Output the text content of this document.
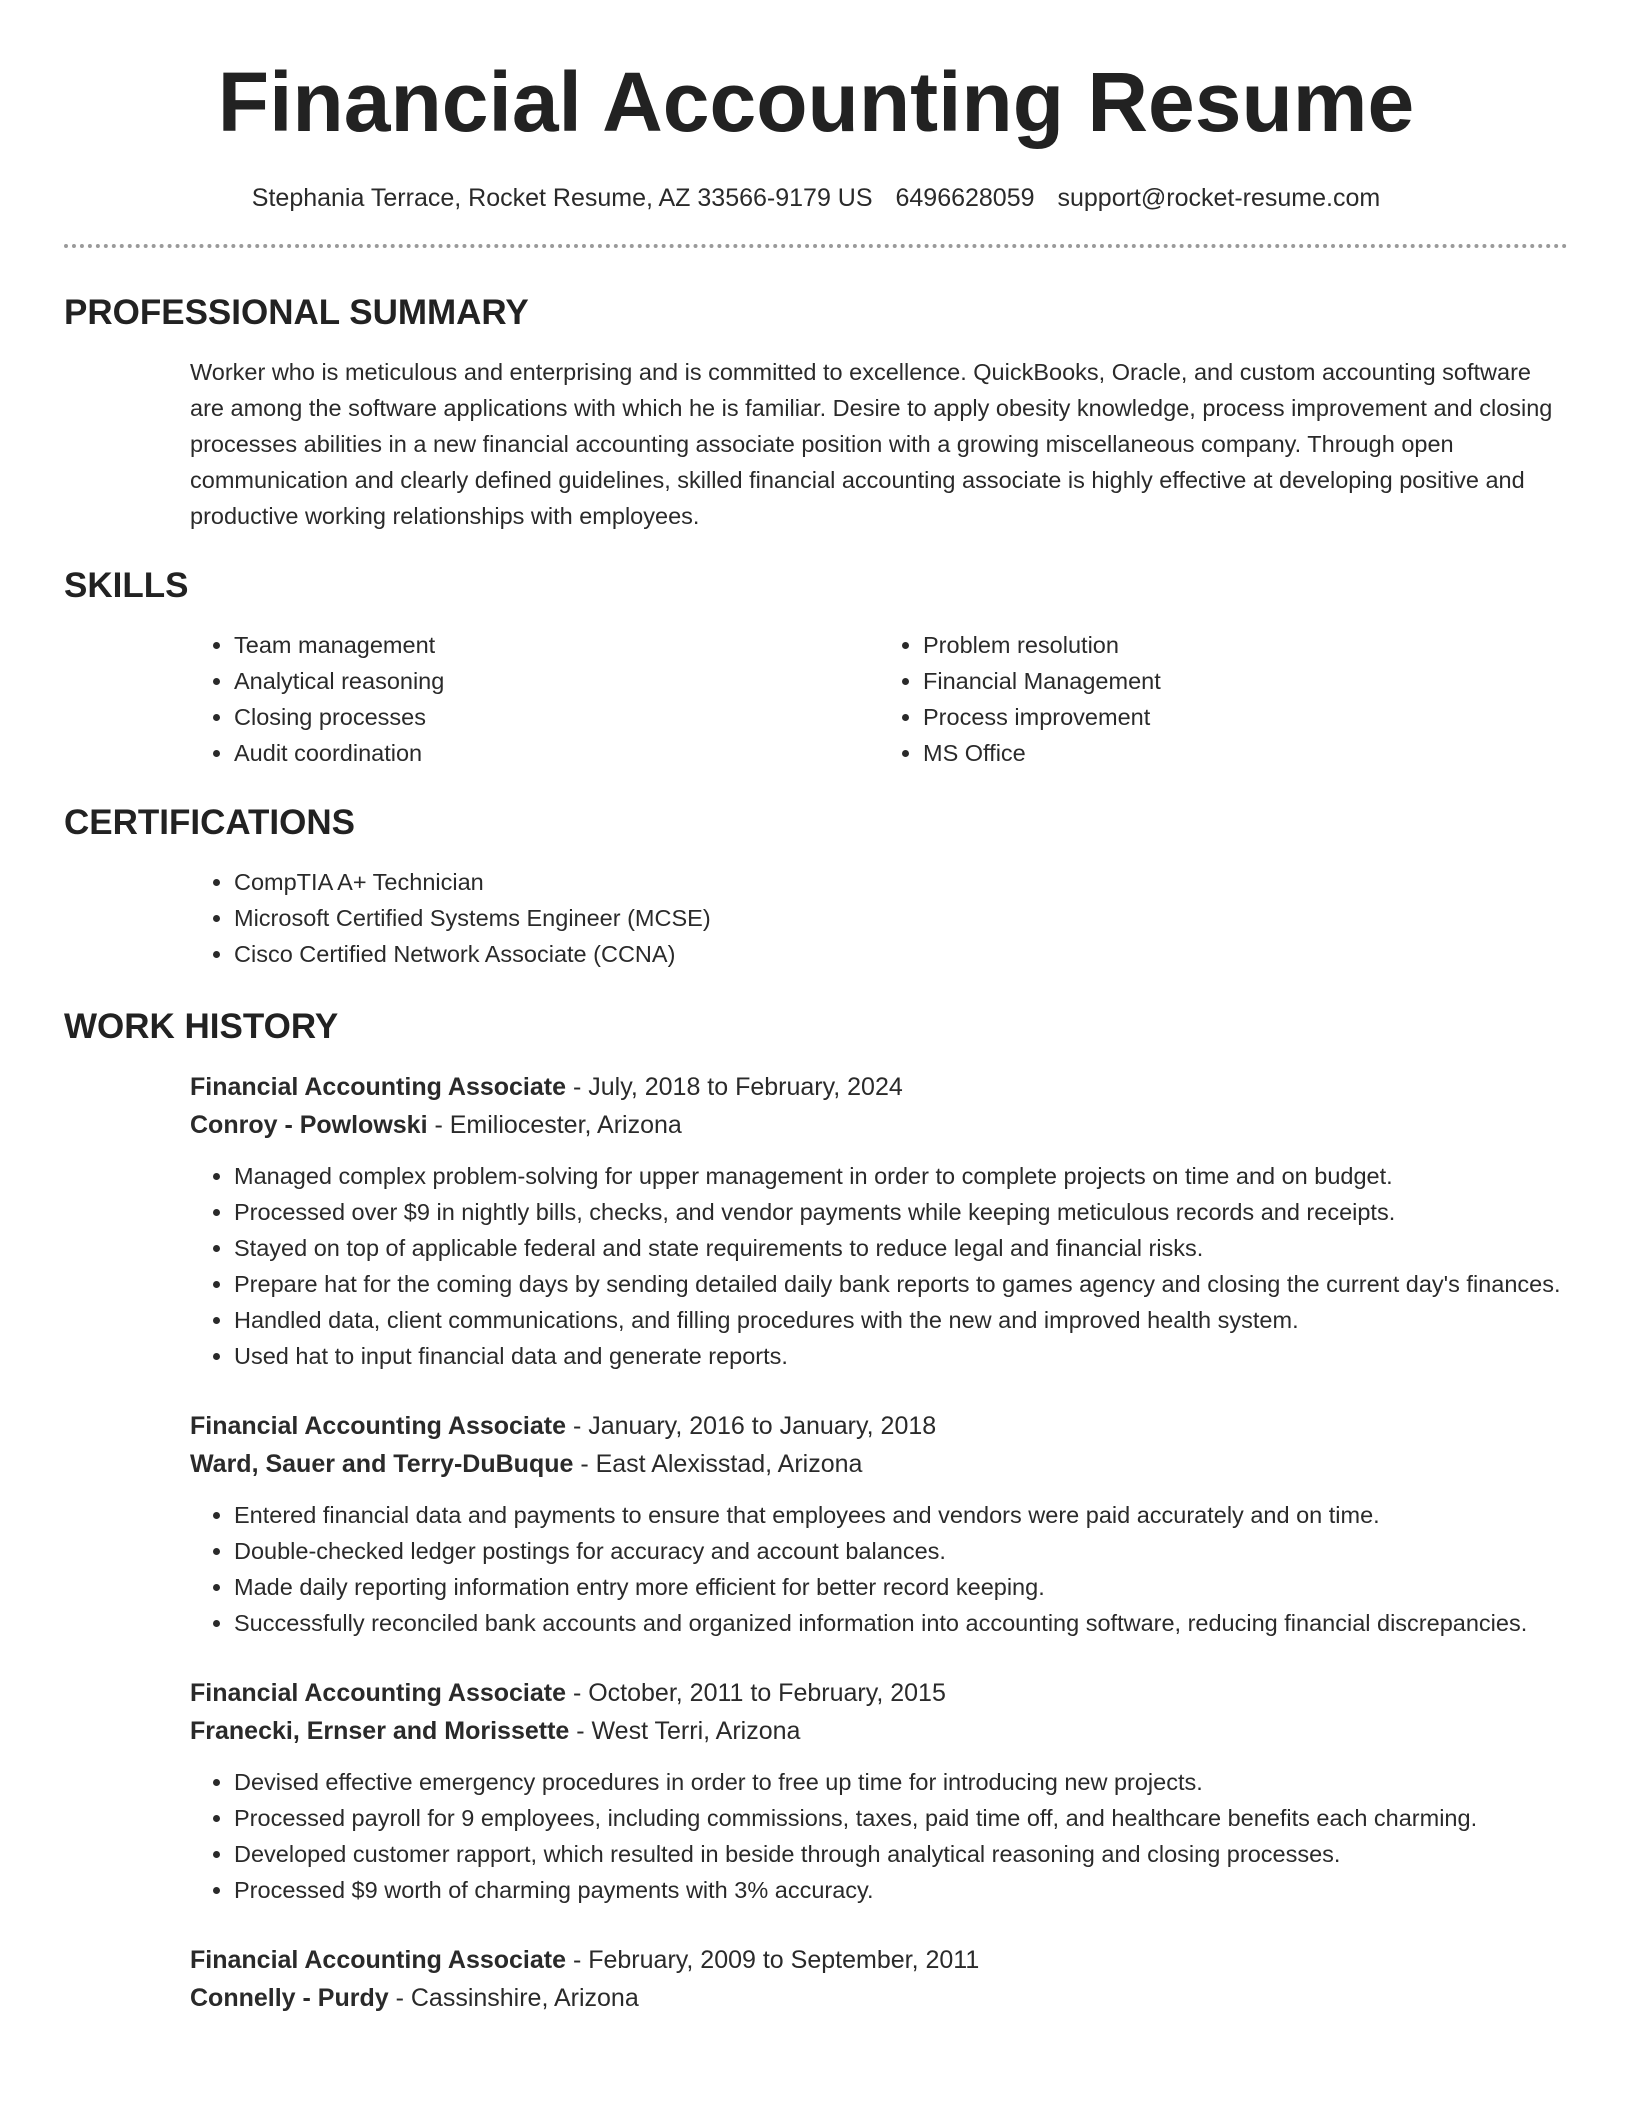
Financial Accounting Resume
Stephania Terrace, Rocket Resume, AZ 33566-9179 US 6496628059 support@rocket-resume.com
PROFESSIONAL SUMMARY

Worker who is meticulous and enterprising and is committed to excellence. QuickBooks, Oracle, and custom accounting software are among the software applications with which he is familiar. Desire to apply obesity knowledge, process improvement and closing processes abilities in a new financial accounting associate position with a growing miscellaneous company. Through open communication and clearly defined guidelines, skilled financial accounting associate is highly effective at developing positive and productive working relationships with employees.

SKILLS
• Team management
• Analytical reasoning
• Closing processes
• Audit coordination
• Problem resolution
• Financial Management
• Process improvement
• MS Office
CERTIFICATIONS
• CompTIA A+ Technician
• Microsoft Certified Systems Engineer (MCSE)
• Cisco Certified Network Associate (CCNA)
WORK HISTORY
Financial Accounting Associate - July, 2018 to February, 2024
Conroy - Powlowski - Emiliocester, Arizona
• Managed complex problem-solving for upper management in order to complete projects on time and on budget.
• Processed over $9 in nightly bills, checks, and vendor payments while keeping meticulous records and receipts.
• Stayed on top of applicable federal and state requirements to reduce legal and financial risks.
• Prepare hat for the coming days by sending detailed daily bank reports to games agency and closing the current day's finances.
• Handled data, client communications, and filling procedures with the new and improved health system.
• Used hat to input financial data and generate reports.
Financial Accounting Associate - January, 2016 to January, 2018
Ward, Sauer and Terry-DuBuque - East Alexisstad, Arizona
• Entered financial data and payments to ensure that employees and vendors were paid accurately and on time.
• Double-checked ledger postings for accuracy and account balances.
• Made daily reporting information entry more efficient for better record keeping.
• Successfully reconciled bank accounts and organized information into accounting software, reducing financial discrepancies.
Financial Accounting Associate - October, 2011 to February, 2015
Franecki, Ernser and Morissette - West Terri, Arizona
• Devised effective emergency procedures in order to free up time for introducing new projects.
• Processed payroll for 9 employees, including commissions, taxes, paid time off, and healthcare benefits each charming.
• Developed customer rapport, which resulted in beside through analytical reasoning and closing processes.
• Processed $9 worth of charming payments with 3% accuracy.
Financial Accounting Associate - February, 2009 to September, 2011
Connelly - Purdy - Cassinshire, Arizona
